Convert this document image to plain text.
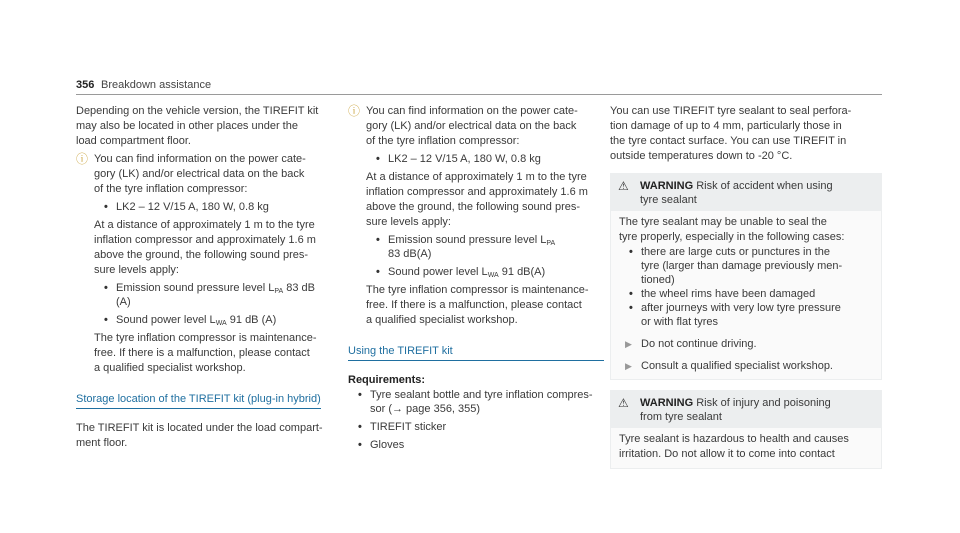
356 Breakdown assistance

Depending on the vehicle version, the TIREFIT kit

may also be located in other places under the

load compartment floor.

ⓘ You can find information on the power cate-

gory (LK) and/or electrical data on the back

of the tyre inflation compressor:

• LK2 – 12 V/15 A, 180 W, 0.8 kg

At a distance of approximately 1 m to the tyre

inflation compressor and approximately 1.6 m

above the ground, the following sound pres-

sure levels apply:

• Emission sound pressure level $L_{PA}$ 83 dB
(A)
• Sound power level $L_{WA}$ 91 dB (A)

The tyre inflation compressor is maintenance-

free. If there is a malfunction, please contact

a qualified specialist workshop.

Storage location of the TIREFIT kit (plug-in hybrid)

The TIREFIT kit is located under the load compart-

ment floor.

ⓘ You can find information on the power cate-

gory (LK) and/or electrical data on the back

of the tyre inflation compressor:

• LK2 – 12 V/15 A, 180 W, 0.8 kg

At a distance of approximately 1 m to the tyre

inflation compressor and approximately 1.6 m

above the ground, the following sound pres-

sure levels apply:

• Emission sound pressure level $L_{PA}$
83 dB(A)
• Sound power level $L_{WA}$ 91 dB(A)

The tyre inflation compressor is maintenance-

free. If there is a malfunction, please contact

a qualified specialist workshop.

Using the TIREFIT kit

Requirements:

• Tyre sealant bottle and tyre inflation compres-
sor (→ page 356, 355)
• TIREFIT sticker
• Gloves

You can use TIREFIT tyre sealant to seal perfora-

tion damage of up to 4 mm, particularly those in

the tyre contact surface. You can use TIREFIT in

outside temperatures down to -20 °C.

⚠	WARNING Risk of accident when using
tyre sealant

The tyre sealant may be unable to seal the

tyre properly, especially in the following cases:

• there are large cuts or punctures in the
tyre (larger than damage previously men-
tioned)
• the wheel rims have been damaged
• after journeys with very low tyre pressure
or with flat tyres
▶ Do not continue driving.
▶ Consult a qualified specialist workshop.
⚠	WARNING Risk of injury and poisoning
from tyre sealant

Tyre sealant is hazardous to health and causes

irritation. Do not allow it to come into contact
